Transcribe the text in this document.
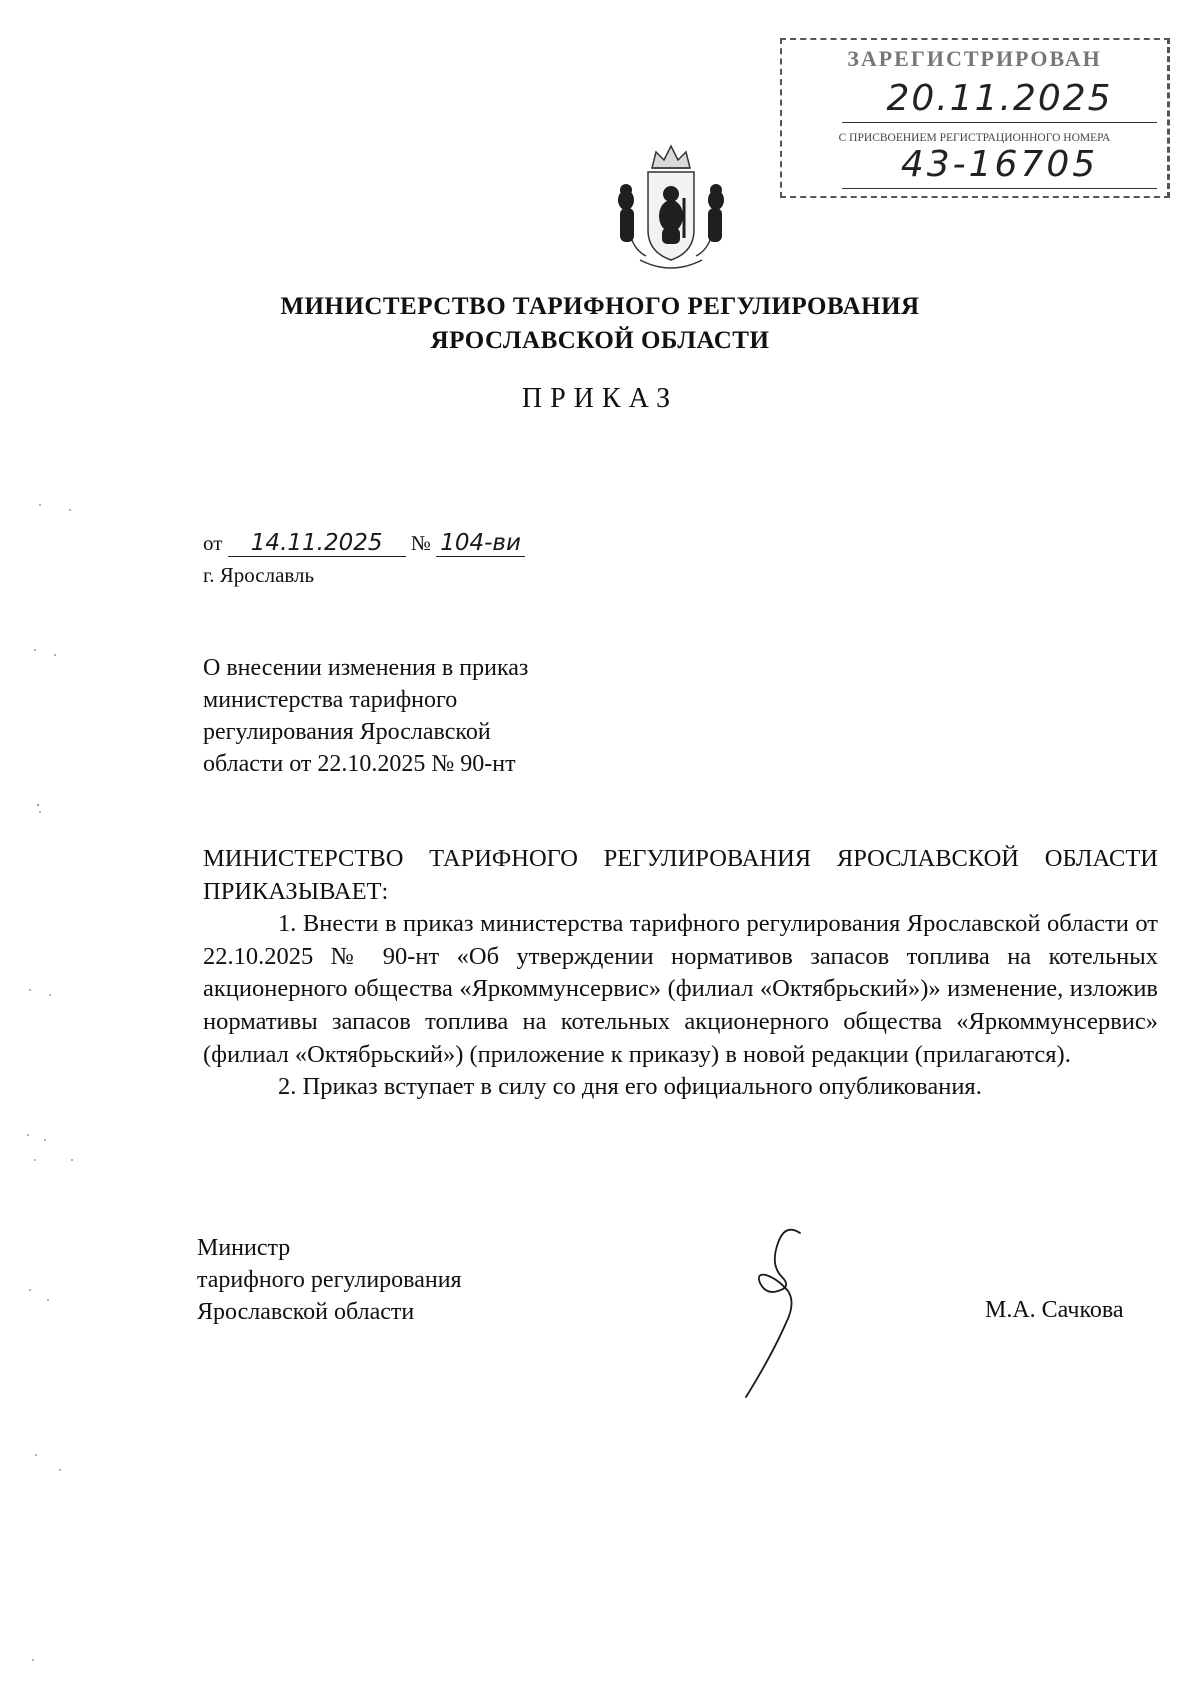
ЗАРЕГИСТРИРОВАН
20.11.2025
С ПРИСВОЕНИЕМ РЕГИСТРАЦИОННОГО НОМЕРА
43-16705
МИНИСТЕРСТВО ТАРИФНОГО РЕГУЛИРОВАНИЯ
ЯРОСЛАВСКОЙ ОБЛАСТИ
ПРИКАЗ
от 14.11.2025 № 104-ви
г. Ярославль
О внесении изменения в приказ
министерства тарифного
регулирования Ярославской
области от 22.10.2025 № 90-нт

МИНИСТЕРСТВО ТАРИФНОГО РЕГУЛИРОВАНИЯ ЯРОСЛАВСКОЙ ОБЛАСТИ ПРИКАЗЫВАЕТ:

1. Внести в приказ министерства тарифного регулирования Ярославской области от 22.10.2025 № 90-нт «Об утверждении нормативов запасов топлива на котельных акционерного общества «Яркоммунсервис» (филиал «Октябрьский»)» изменение, изложив нормативы запасов топлива на котельных акционерного общества «Яркоммунсервис» (филиал «Октябрьский») (приложение к приказу) в новой редакции (прилагаются).

2. Приказ вступает в силу со дня его официального опубликования.

Министр
тарифного регулирования
Ярославской области	М.А. Сачкова
